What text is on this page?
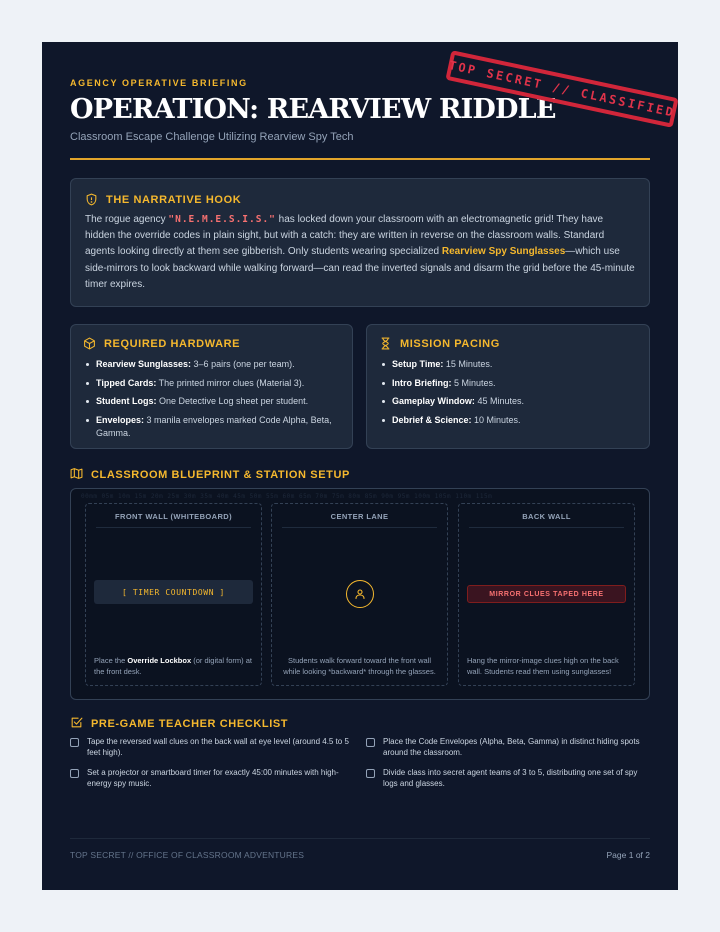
AGENCY OPERATIVE BRIEFING
OPERATION: REARVIEW RIDDLE
Classroom Escape Challenge Utilizing Rearview Spy Tech
TOP SECRET // CLASSIFIED
THE NARRATIVE HOOK

The rogue agency "N.E.M.E.S.I.S." has locked down your classroom with an electromagnetic grid! They have hidden the override codes in plain sight, but with a catch: they are written in reverse on the classroom walls. Standard agents looking directly at them see gibberish. Only students wearing specialized Rearview Spy Sunglasses—which use side-mirrors to look backward while walking forward—can read the inverted signals and disarm the grid before the 45-minute timer expires.

REQUIRED HARDWARE
Rearview Sunglasses: 3–6 pairs (one per team).
Tipped Cards: The printed mirror clues (Material 3).
Student Logs: One Detective Log sheet per student.
Envelopes: 3 manila envelopes marked Code Alpha, Beta, Gamma.
MISSION PACING
Setup Time: 15 Minutes.
Intro Briefing: 5 Minutes.
Gameplay Window: 45 Minutes.
Debrief & Science: 10 Minutes.
CLASSROOM BLUEPRINT & STATION SETUP
00mm 05m 10m 15m 20m 25m 30m 35m 40m 45m 50m 55m 60m 65m 70m 75m 80m 85m 90m 95m 100m 105m 110m 115m
FRONT WALL (WHITEBOARD)
[ TIMER COUNTDOWN ]
Place the Override Lockbox (or digital form) at the front desk.
CENTER LANE
Students walk forward toward the front wall while looking *backward* through the glasses.
BACK WALL
MIRROR CLUES TAPED HERE
Hang the mirror-image clues high on the back wall. Students read them using sunglasses!
PRE-GAME TEACHER CHECKLIST
Tape the reversed wall clues on the back wall at eye level (around 4.5 to 5 feet high).
Place the Code Envelopes (Alpha, Beta, Gamma) in distinct hiding spots around the classroom.
Set a projector or smartboard timer for exactly 45:00 minutes with high-energy spy music.
Divide class into secret agent teams of 3 to 5, distributing one set of spy logs and glasses.
TOP SECRET // OFFICE OF CLASSROOM ADVENTURES	Page 1 of 2
